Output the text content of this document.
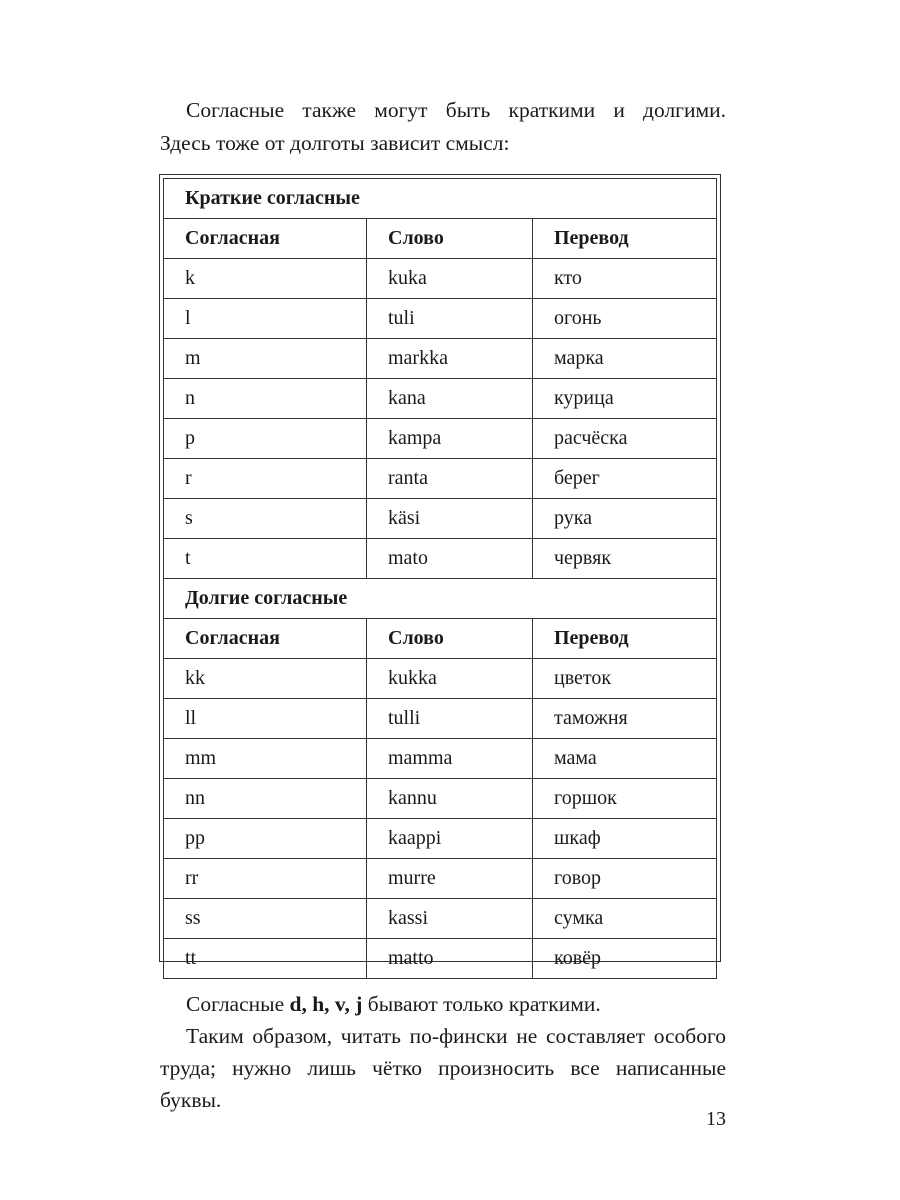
Согласные также могут быть краткими и долгими.
Здесь тоже от долготы зависит смысл:

Краткие согласные		
Согласная	Слово	Перевод
k	kuka	кто
l	tuli	огонь
m	markka	марка
n	kana	курица
p	kampa	расчёска
r	ranta	берег
s	käsi	рука
t	mato	червяк
Долгие согласные		
Согласная	Слово	Перевод
kk	kukka	цветок
ll	tulli	таможня
mm	mamma	мама
nn	kannu	горшок
pp	kaappi	шкаф
rr	murre	говор
ss	kassi	сумка
tt	matto	ковёр

Согласные d, h, v, j бывают только краткими.
Таким образом, читать по-фински не составляет особого труда; нужно лишь чётко произносить все написанные буквы.

13
